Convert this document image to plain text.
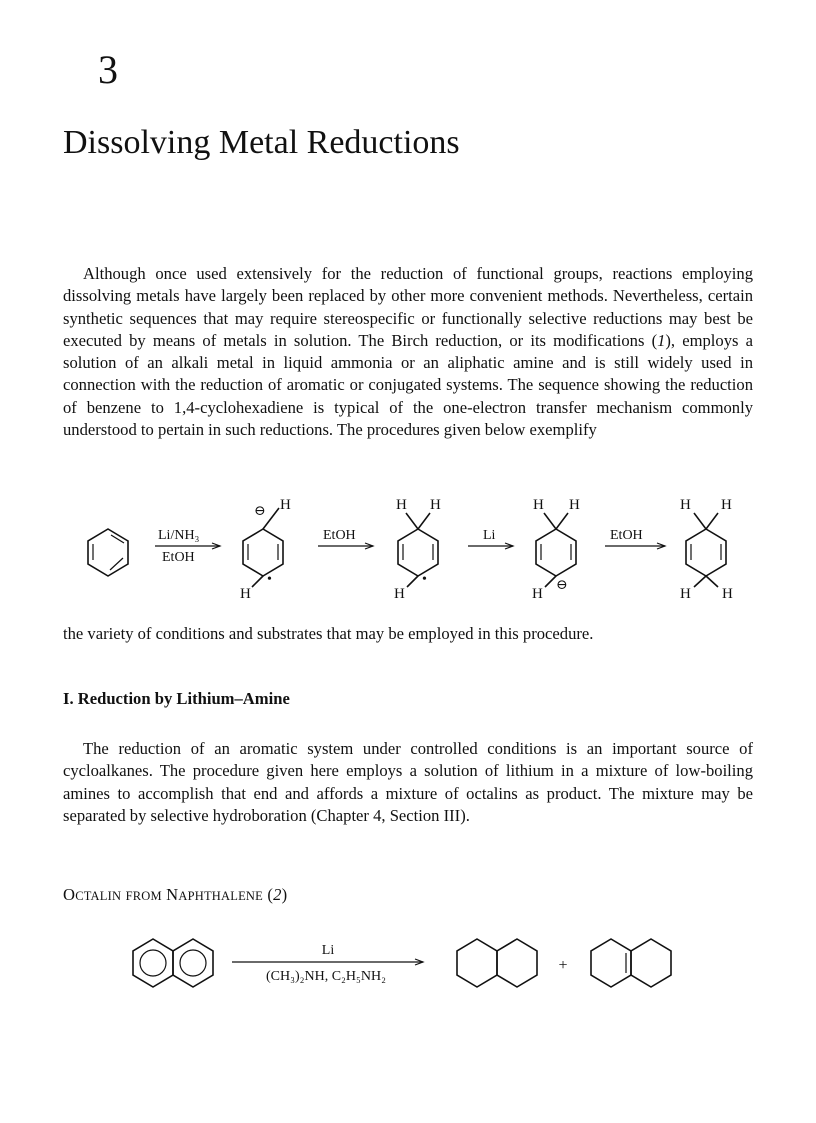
3
Dissolving Metal Reductions

Although once used extensively for the reduction of functional groups, reactions employing dissolving metals have largely been replaced by other more convenient methods. Nevertheless, certain synthetic sequences that may require stereospecific or functionally selective reductions may best be executed by means of metals in solution. The Birch reduction, or its modifications (1), employs a solution of an alkali metal in liquid ammonia or an aliphatic amine and is still widely used in connection with the reduction of aromatic or conjugated systems. The sequence showing the reduction of benzene to 1,4-cyclohexadiene is typical of the one-electron transfer mechanism commonly understood to pertain in such reductions. The procedures given below exemplify

Li/NH₃
EtOH
H
⊖
H
•
EtOH
H H
H
•
Li
H H
H
⊖
EtOH
H H
H H

the variety of conditions and substrates that may be employed in this procedure.

I. Reduction by Lithium–Amine

The reduction of an aromatic system under controlled conditions is an important source of cycloalkanes. The procedure given here employs a solution of lithium in a mixture of low-boiling amines to accomplish that end and affords a mixture of octalins as product. The mixture may be separated by selective hydroboration (Chapter 4, Section III).

OCTALIN FROM NAPHTHALENE (2)
Li
(CH₃)₂NH, C₂H₅NH₂
+
